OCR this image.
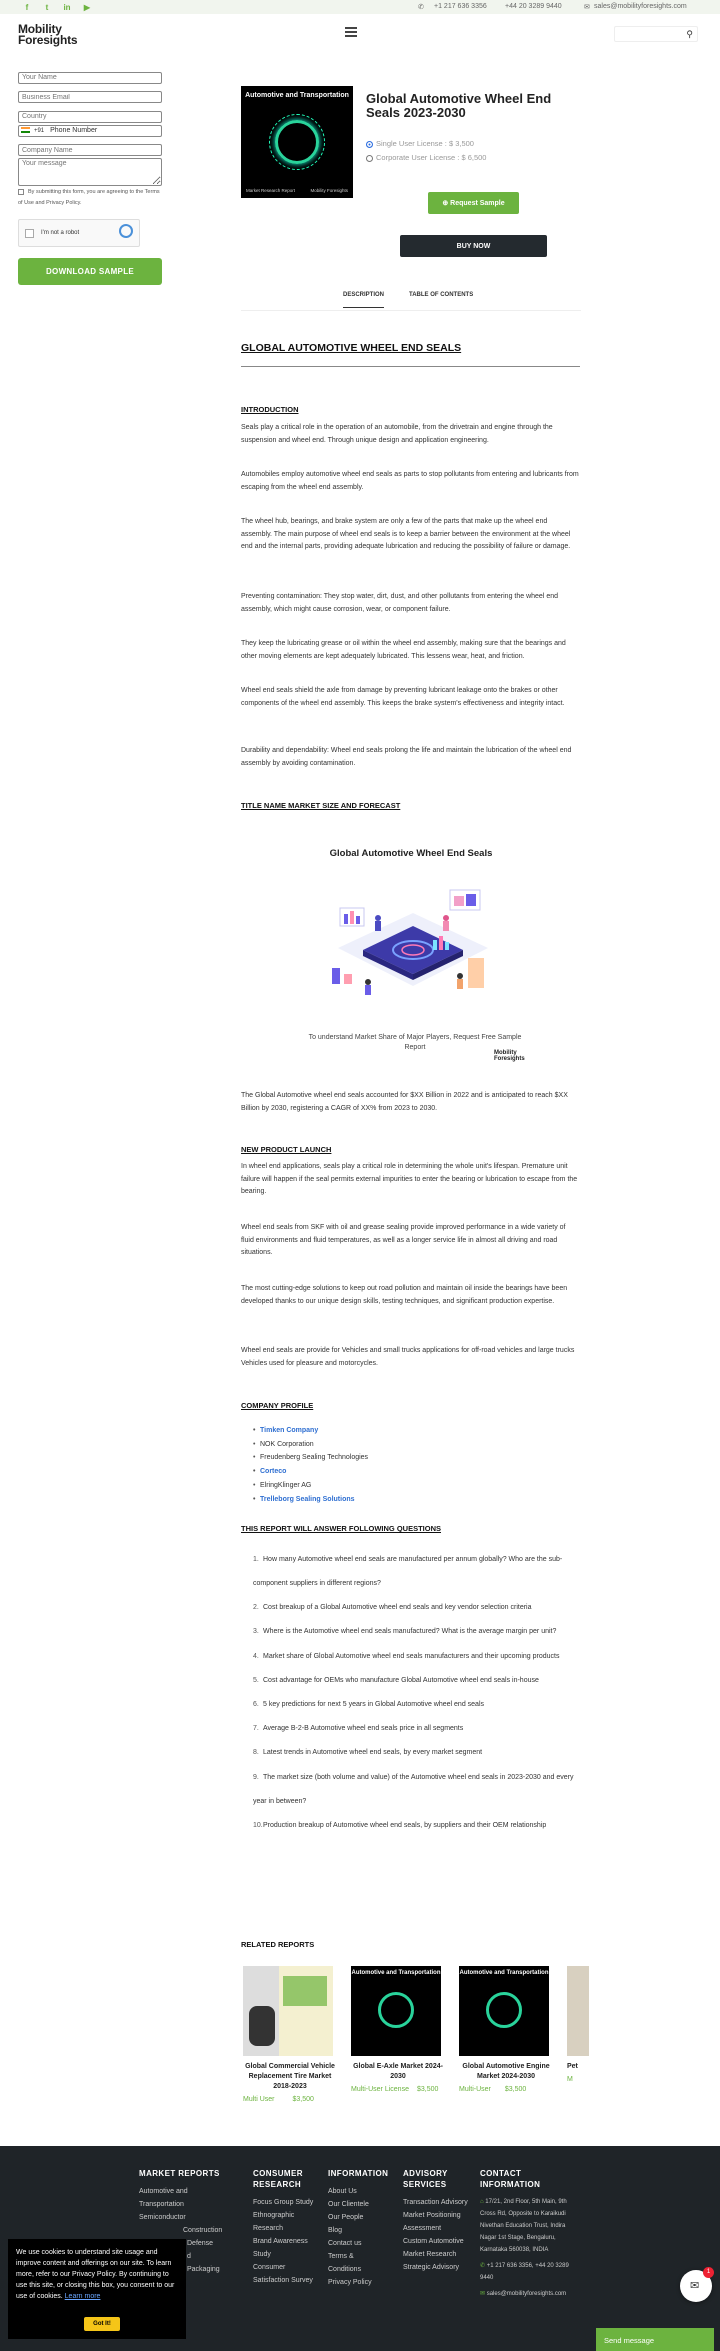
f	t	in ▶	✆ +1 217 636 3356	+44 20 3289 9440	✉ sales@mobilityforesights.com
Mobility
Foresights	⚲
Your Name Business Email Country
+91 Phone Number
Company Name Your message
By submitting this form, you are agreeing to the Terms of Use and Privacy Policy.
I'm not a robot
DOWNLOAD SAMPLE
Automotive and Transportation
Market Research Report	Mobility Foresights
Global Automotive Wheel End Seals 2023-2030
Single User License : $ 3,500
Corporate User License : $ 6,500
⊕ Request Sample
BUY NOW
DESCRIPTION	TABLE OF CONTENTS
GLOBAL AUTOMOTIVE WHEEL END SEALS
INTRODUCTION
Seals play a critical role in the operation of an automobile, from the drivetrain and engine through the suspension and wheel end. Through unique design and application engineering.
Automobiles employ automotive wheel end seals as parts to stop pollutants from entering and lubricants from escaping from the wheel end assembly.
The wheel hub, bearings, and brake system are only a few of the parts that make up the wheel end assembly. The main purpose of wheel end seals is to keep a barrier between the environment at the wheel end and the internal parts, providing adequate lubrication and reducing the possibility of failure or damage.
Preventing contamination: They stop water, dirt, dust, and other pollutants from entering the wheel end assembly, which might cause corrosion, wear, or component failure.
They keep the lubricating grease or oil within the wheel end assembly, making sure that the bearings and other moving elements are kept adequately lubricated. This lessens wear, heat, and friction.
Wheel end seals shield the axle from damage by preventing lubricant leakage onto the brakes or other components of the wheel end assembly. This keeps the brake system's effectiveness and integrity intact.
Durability and dependability: Wheel end seals prolong the life and maintain the lubrication of the wheel end assembly by avoiding contamination.
TITLE NAME MARKET SIZE AND FORECAST
Global Automotive Wheel End Seals
To understand Market Share of Major Players, Request Free Sample Report
Mobility
Foresights
The Global Automotive wheel end seals accounted for $XX Billion in 2022 and is anticipated to reach $XX Billion by 2030, registering a CAGR of XX% from 2023 to 2030.
NEW PRODUCT LAUNCH
In wheel end applications, seals play a critical role in determining the whole unit's lifespan. Premature unit failure will happen if the seal permits external impurities to enter the bearing or lubrication to escape from the bearing.
Wheel end seals from SKF with oil and grease sealing provide improved performance in a wide variety of fluid environments and fluid temperatures, as well as a longer service life in almost all driving and road situations.
The most cutting-edge solutions to keep out road pollution and maintain oil inside the bearings have been developed thanks to our unique design skills, testing techniques, and significant production expertise.
Wheel end seals are provide for Vehicles and small trucks applications for off-road vehicles and large trucks Vehicles used for pleasure and motorcycles.
COMPANY PROFILE
• Timken Company
• NOK Corporation
• Freudenberg Sealing Technologies
• Corteco
• ElringKlinger AG
• Trelleborg Sealing Solutions
THIS REPORT WILL ANSWER FOLLOWING QUESTIONS
1. How many Automotive wheel end seals are manufactured per annum globally? Who are the sub-component suppliers in different regions?
2. Cost breakup of a Global Automotive wheel end seals and key vendor selection criteria
3. Where is the Automotive wheel end seals manufactured? What is the average margin per unit?
4. Market share of Global Automotive wheel end seals manufacturers and their upcoming products
5. Cost advantage for OEMs who manufacture Global Automotive wheel end seals in-house
6. 5 key predictions for next 5 years in Global Automotive wheel end seals
7. Average B-2-B Automotive wheel end seals price in all segments
8. Latest trends in Automotive wheel end seals, by every market segment
9. The market size (both volume and value) of the Automotive wheel end seals in 2023-2030 and every year in between?
10.Production breakup of Automotive wheel end seals, by suppliers and their OEM relationship
RELATED REPORTS
Global Commercial Vehicle Replacement Tire Market 2018-2023
Multi User	$3,500
Automotive and Transportation
Global E-Axle Market 2024-2030
Multi-User License $3,500
Automotive and Transportation
Global Automotive Engine Market 2024-2030
Multi-User $3,500
Pet
M
MARKET REPORTS
Automotive and Transportation
Semiconductor
Construction
Defense
d
Packaging
CONSUMER RESEARCH
Focus Group Study
Ethnographic Research
Brand Awareness Study
Consumer Satisfaction Survey
INFORMATION
About Us
Our Clientele
Our People
Blog
Contact us
Terms & Conditions
Privacy Policy
ADVISORY SERVICES
Transaction Advisory
Market Positioning Assessment
Custom Automotive Market Research
Strategic Advisory
CONTACT INFORMATION
⌂ 17/21, 2nd Floor, 5th Main, 9th Cross Rd, Opposite to Karaikudi Nivethan Education Trust, Indira Nagar 1st Stage, Bengaluru, Karnataka 560038, INDIA
✆ +1 217 636 3356, +44 20 3289 9440
✉ sales@mobilityforesights.com
We use cookies to understand site usage and improve content and offerings on our site. To learn more, refer to our Privacy Policy. By continuing to use this site, or closing this box, you consent to our use of cookies. Learn more
Got It!
✉
1
Send message
